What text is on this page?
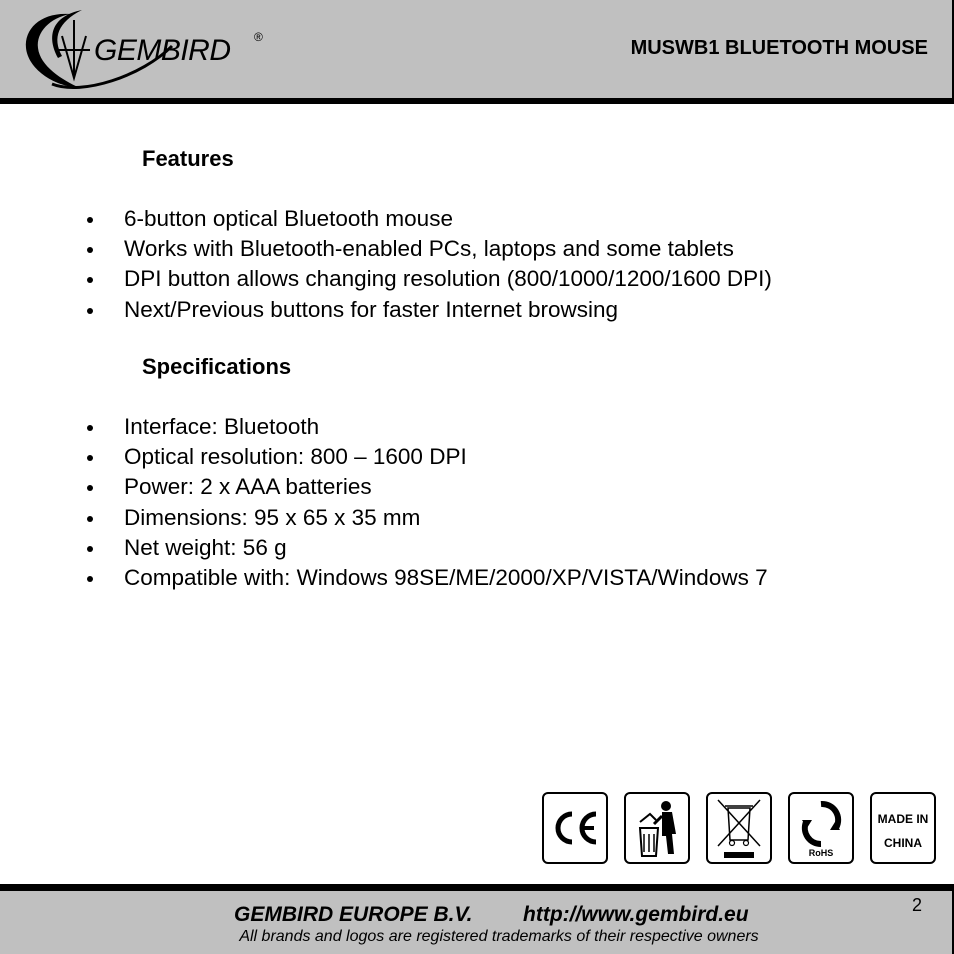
GEMBIRD ®	MUSWB1 BLUETOOTH MOUSE
Features
6-button optical Bluetooth mouse
Works with Bluetooth-enabled PCs, laptops and some tablets
DPI button allows changing resolution (800/1000/1200/1600 DPI)
Next/Previous buttons for faster Internet browsing
Specifications
Interface: Bluetooth
Optical resolution: 800 – 1600 DPI
Power: 2 x AAA batteries
Dimensions: 95 x 65 x 35 mm
Net weight: 56 g
Compatible with: Windows 98SE/ME/2000/XP/VISTA/Windows 7
RoHS
MADE IN
CHINA
GEMBIRD EUROPE B.V. http://www.gembird.eu
All brands and logos are registered trademarks of their respective owners
2
